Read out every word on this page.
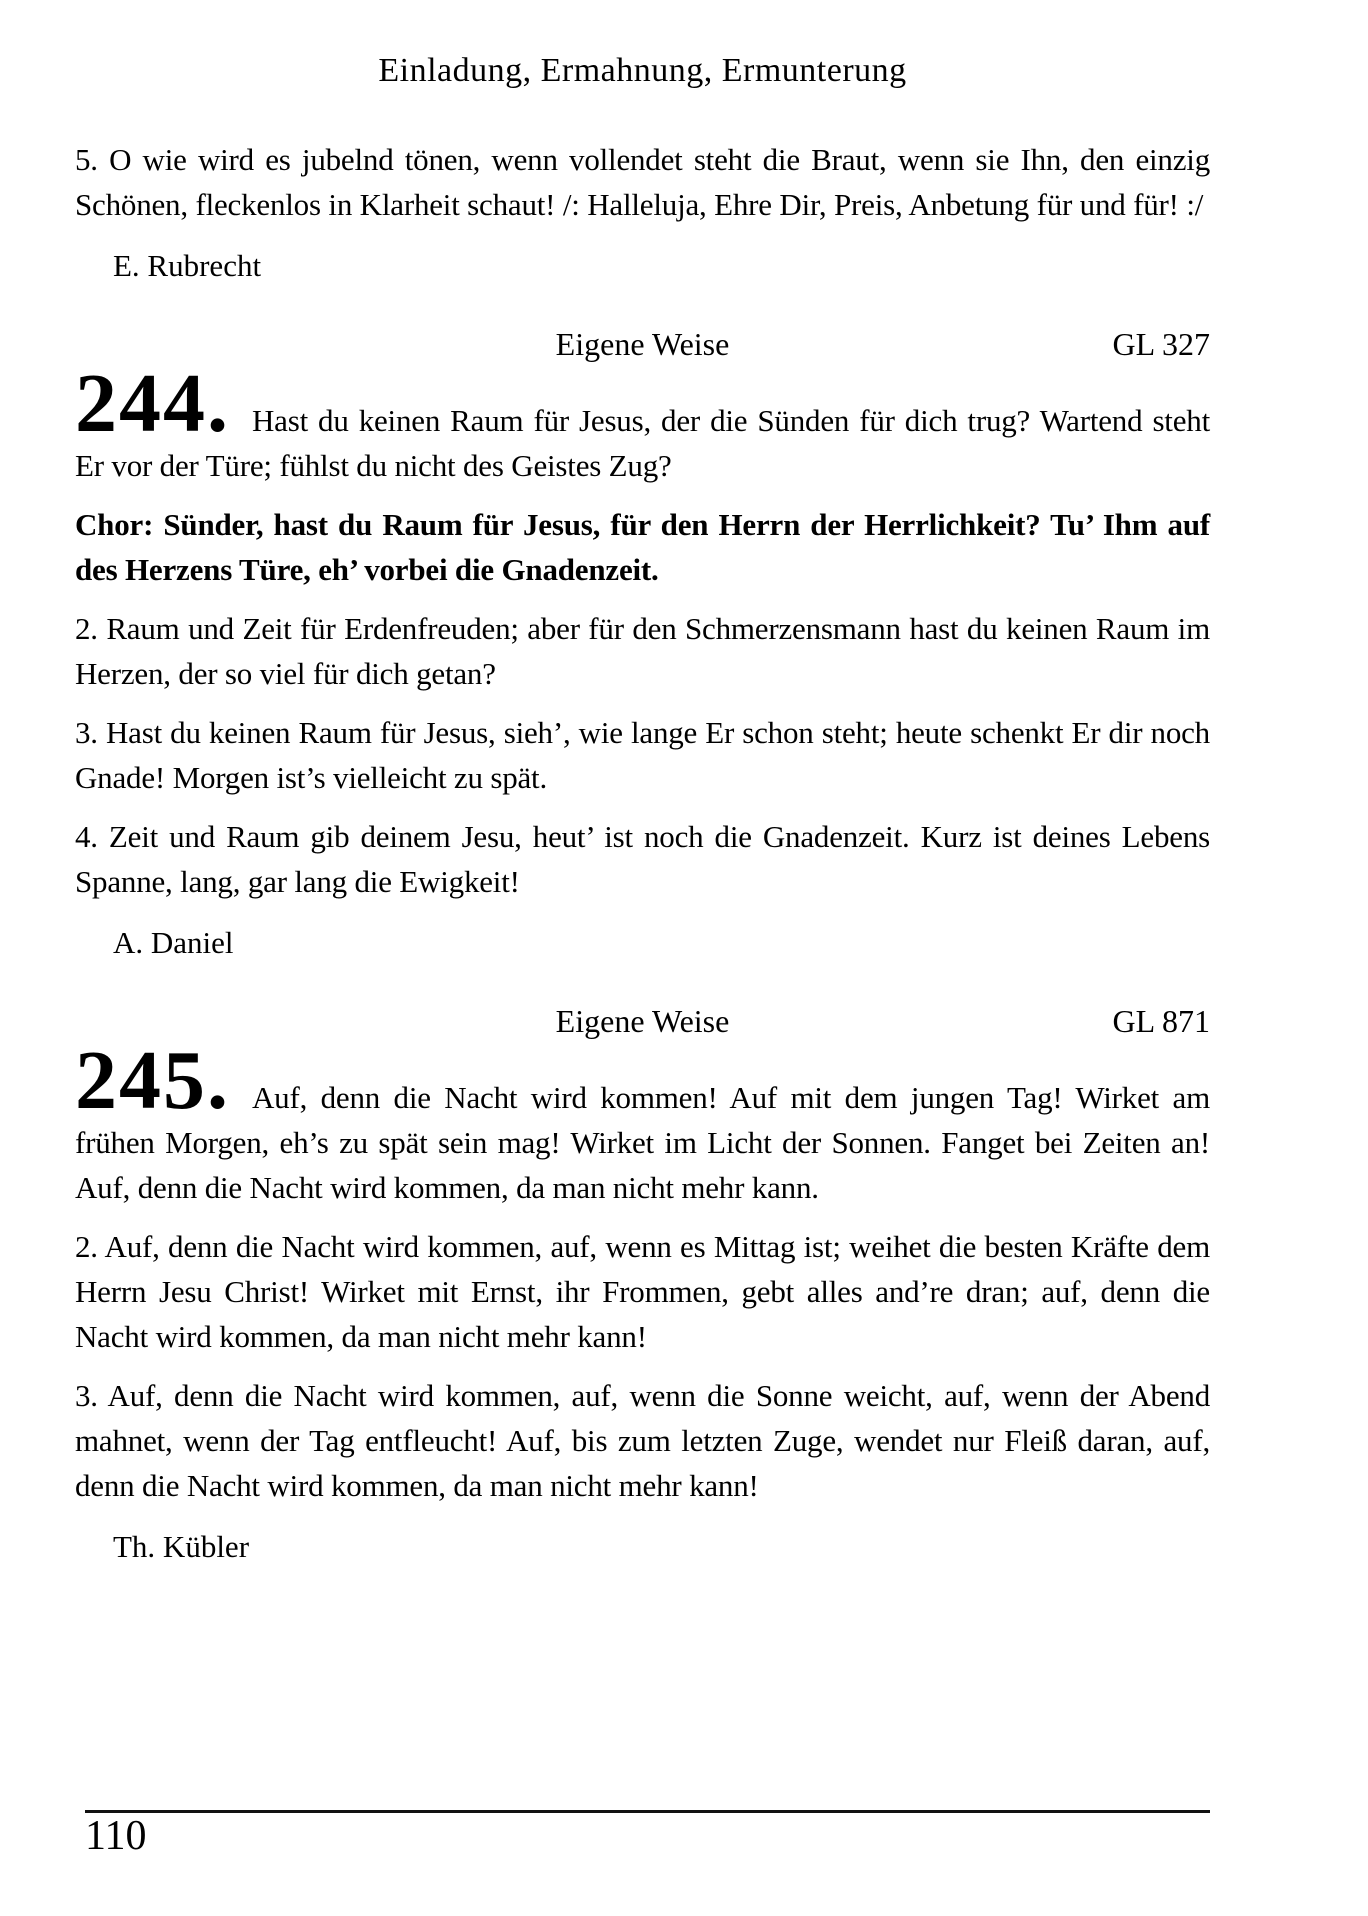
Einladung, Ermahnung, Ermunterung

5. O wie wird es jubelnd tönen, wenn vollendet steht die Braut, wenn sie Ihn, den einzig Schönen, fleckenlos in Klarheit schaut! /: Halleluja, Ehre Dir, Preis, Anbetung für und für! :/

E. Rubrecht

Eigene Weise	GL 327

244. Hast du keinen Raum für Jesus, der die Sünden für dich trug? Wartend steht Er vor der Türe; fühlst du nicht des Geistes Zug?

Chor: Sünder, hast du Raum für Jesus, für den Herrn der Herrlichkeit? Tu’ Ihm auf des Herzens Türe, eh’ vorbei die Gnadenzeit.

2. Raum und Zeit für Erdenfreuden; aber für den Schmerzensmann hast du keinen Raum im Herzen, der so viel für dich getan?

3. Hast du keinen Raum für Jesus, sieh’, wie lange Er schon steht; heute schenkt Er dir noch Gnade! Morgen ist’s vielleicht zu spät.

4. Zeit und Raum gib deinem Jesu, heut’ ist noch die Gnadenzeit. Kurz ist deines Lebens Spanne, lang, gar lang die Ewigkeit!

A. Daniel

Eigene Weise	GL 871

245. Auf, denn die Nacht wird kommen! Auf mit dem jungen Tag! Wirket am frühen Morgen, eh’s zu spät sein mag! Wirket im Licht der Sonnen. Fanget bei Zeiten an! Auf, denn die Nacht wird kommen, da man nicht mehr kann.

2. Auf, denn die Nacht wird kommen, auf, wenn es Mittag ist; weihet die besten Kräfte dem Herrn Jesu Christ! Wirket mit Ernst, ihr Frommen, gebt alles and’re dran; auf, denn die Nacht wird kommen, da man nicht mehr kann!

3. Auf, denn die Nacht wird kommen, auf, wenn die Sonne weicht, auf, wenn der Abend mahnet, wenn der Tag entfleucht! Auf, bis zum letzten Zuge, wendet nur Fleiß daran, auf, denn die Nacht wird kommen, da man nicht mehr kann!

Th. Kübler

110
